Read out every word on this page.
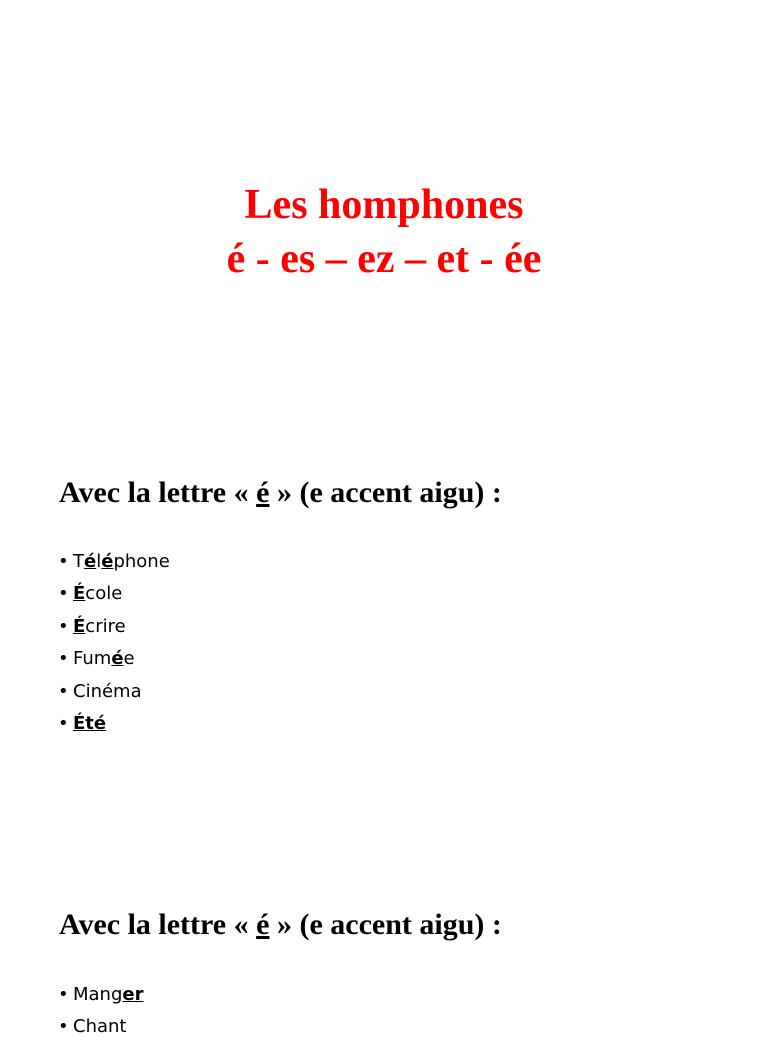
Les homphones
é - es – ez – et - ée
Avec la lettre « é » (e accent aigu) :
• Téléphone
• École
• Écrire
• Fumée
• Cinéma
• Été
Avec la lettre « é » (e accent aigu) :
• Manger
• Chant
